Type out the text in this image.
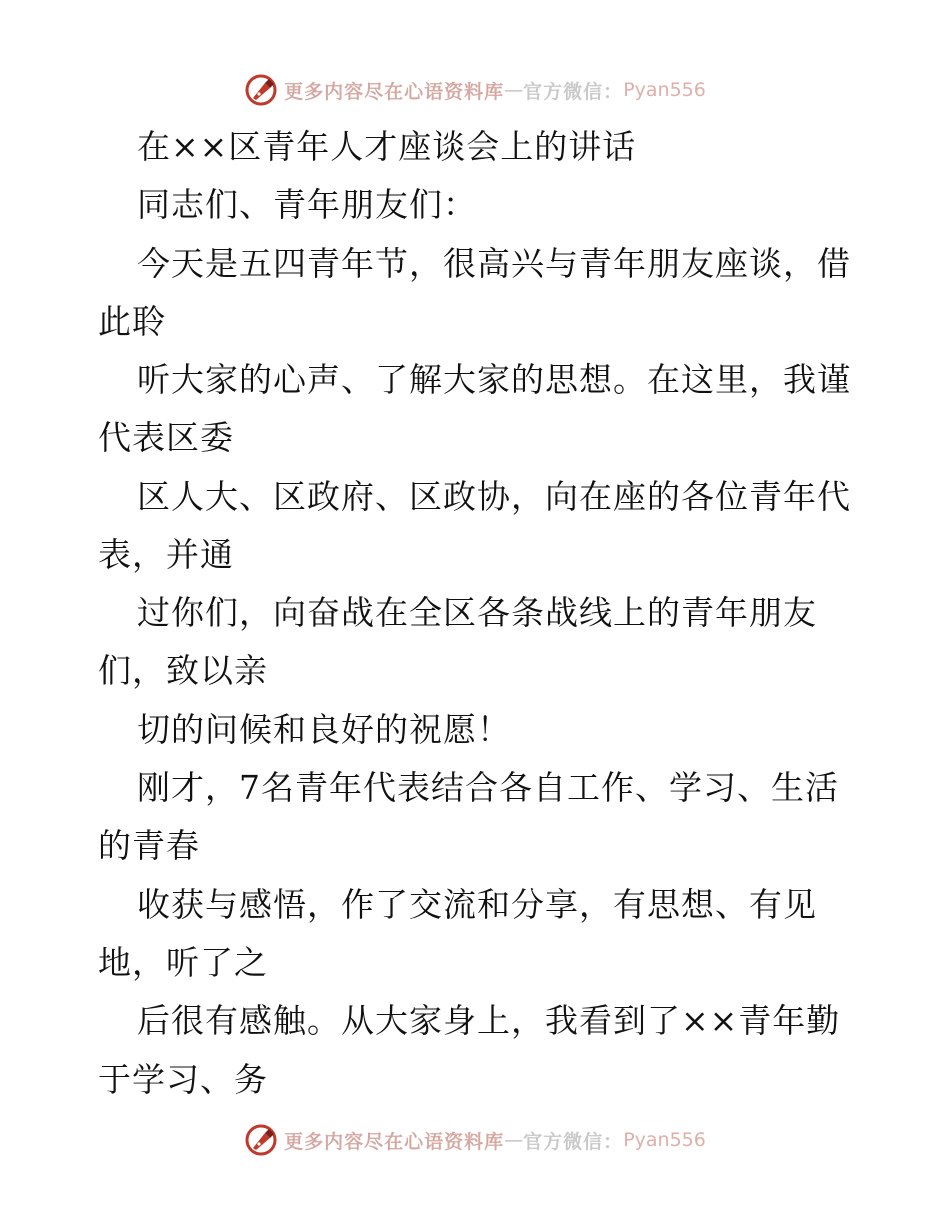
更多内容尽在心语资料库 — 官方微信： Pyan556
在××区青年人才座谈会上的讲话
同志们、青年朋友们：
今天是五四青年节，很高兴与青年朋友座谈，借
此聆
听大家的心声、了解大家的思想。在这里，我谨
代表区委
区人大、区政府、区政协，向在座的各位青年代
表，并通
过你们，向奋战在全区各条战线上的青年朋友
们，致以亲
切的问候和良好的祝愿！
刚才，7名青年代表结合各自工作、学习、生活
的青春
收获与感悟，作了交流和分享，有思想、有见
地，听了之
后很有感触。从大家身上，我看到了××青年勤
于学习、务
更多内容尽在心语资料库 — 官方微信： Pyan556
